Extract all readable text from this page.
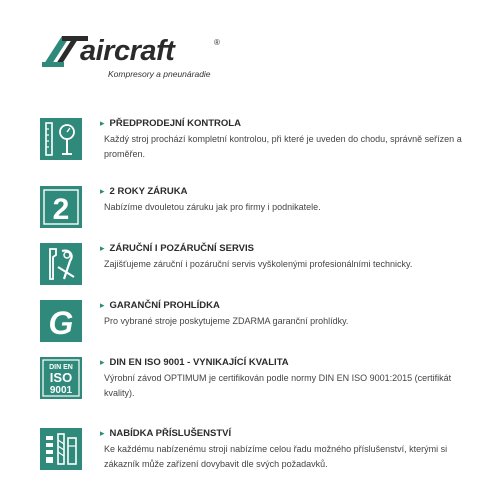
aircraft	®
Kompresory a pneunáradie
▸ PŘEDPRODEJNÍ KONTROLA
Každý stroj prochází kompletní kontrolou, při které je uveden do chodu, správně seřízen a proměřen.
2
▸ 2 ROKY ZÁRUKA
Nabízíme dvouletou záruku jak pro firmy i podnikatele.
▸ ZÁRUČNÍ I POZÁRUČNÍ SERVIS
Zajišťujeme záruční i pozáruční servis vyškolenými profesionálními technicky.
G
▸	GARANČNÍ PROHLÍDKA
Pro vybrané stroje poskytujeme ZDARMA garanční prohlídky.
DIN EN
ISO
9001
▸ DIN EN ISO 9001 - VYNIKAJÍCÍ KVALITA
Výrobní závod OPTIMUM je certifikován podle normy DIN EN ISO 9001:2015 (certifikát kvality).
▸ NABÍDKA PŘÍSLUŠENSTVÍ
Ke každému nabízenému stroji nabízíme celou řadu možného příslušenství, kterými si zákazník může zařízení dovybavit dle svých požadavků.
